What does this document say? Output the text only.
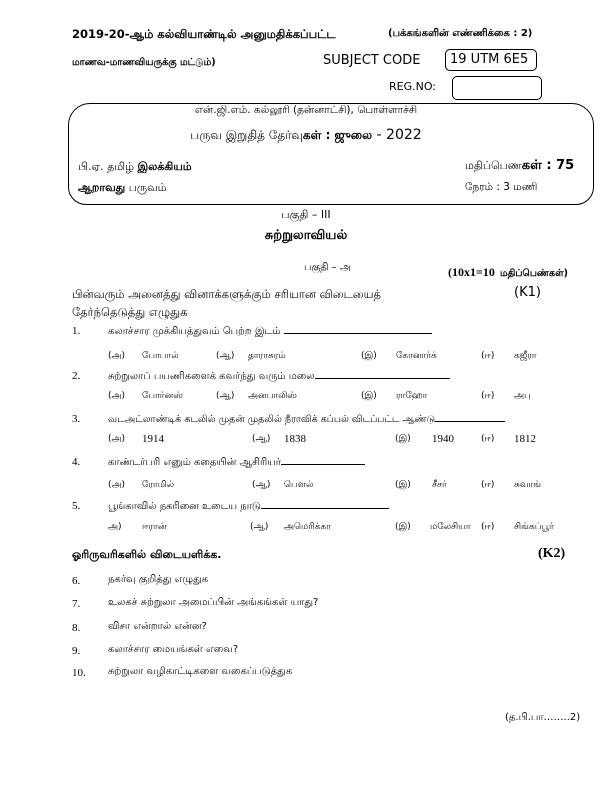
2019-20-ஆம் கல்வியாண்டில் அனுமதிக்கப்பட்ட	(பக்கங்களின் எண்ணிக்கை : 2)
மாணவ-மாணவியருக்கு மட்டும்)	SUBJECT CODE	19 UTM 6E5
REG.NO:
என்.ஜி.எம். கல்லூரி (தன்னாட்சி), பொள்ளாச்சி
பருவ இறுதித் தேர்வுகள் : ஜுலை - 2022
பி.ஏ. தமிழ் இலக்கியம்	மதிப்பெணகள் : 75
ஆறாவது பருவம்	நேரம் : 3 மணி
பகுதி – III
சுற்றுலாவியல்
பகுதி – அ	(10x1=10 மதிப்பெண்கள்)
பின்வரும் அனைத்து வினாக்களுக்கும் சரியான விடையைத்	(K1)
தேர்ந்தெடுத்து எழுதுக
1.	கலாச்சார முக்கியத்துவம் பெற்ற இடம்
(அ) போபால்	(ஆ) தாராசுரம்	(இ) கோனார்க்	(ஈ) கஜீரா
2.	சுற்றுலாப் பயணிகளைக் கவர்ந்து வரும் மலை
(அ) போர்னஸ்	(ஆ) அனபாலிஸ்	(இ) ராஹோ	(ஈ) அபு
3.	வடஅட்லாண்டிக் கடலில் முதன் முதலில் நீராவிக் கப்பல் விடப்பட்ட ஆண்டு
(அ) 1914	(ஆ) 1838	(இ) 1940	(ஈ) 1812
4.	காண்டர்பரி எனும் கதையின் ஆசிரியர்
(அ) ரோமில்	(ஆ) பௌல்	(இ) சீசர்	(ஈ) சுவாங்
5.	பூங்காவில் நகரினை உடைய நாடு
அ) ஈரான்	(ஆ) அமெரிக்கா	(இ) மலேசியா (ஈ) சிங்கப்பூர்
ஓரிருவரிகளில் விடையளிக்க.	(K2)
6.	நகர்வு குறித்து எழுதுக
7.	உலகச் சுற்றுலா அமைப்பின் அங்கங்கள் யாது?
8.	விசா என்றால் என்ன?
9.	கலாச்சார மையங்கள் எவை?
10. சுற்றுலா வழிகாட்டிகளை வகைப்படுத்துக
(த.பி.பா……..2)
